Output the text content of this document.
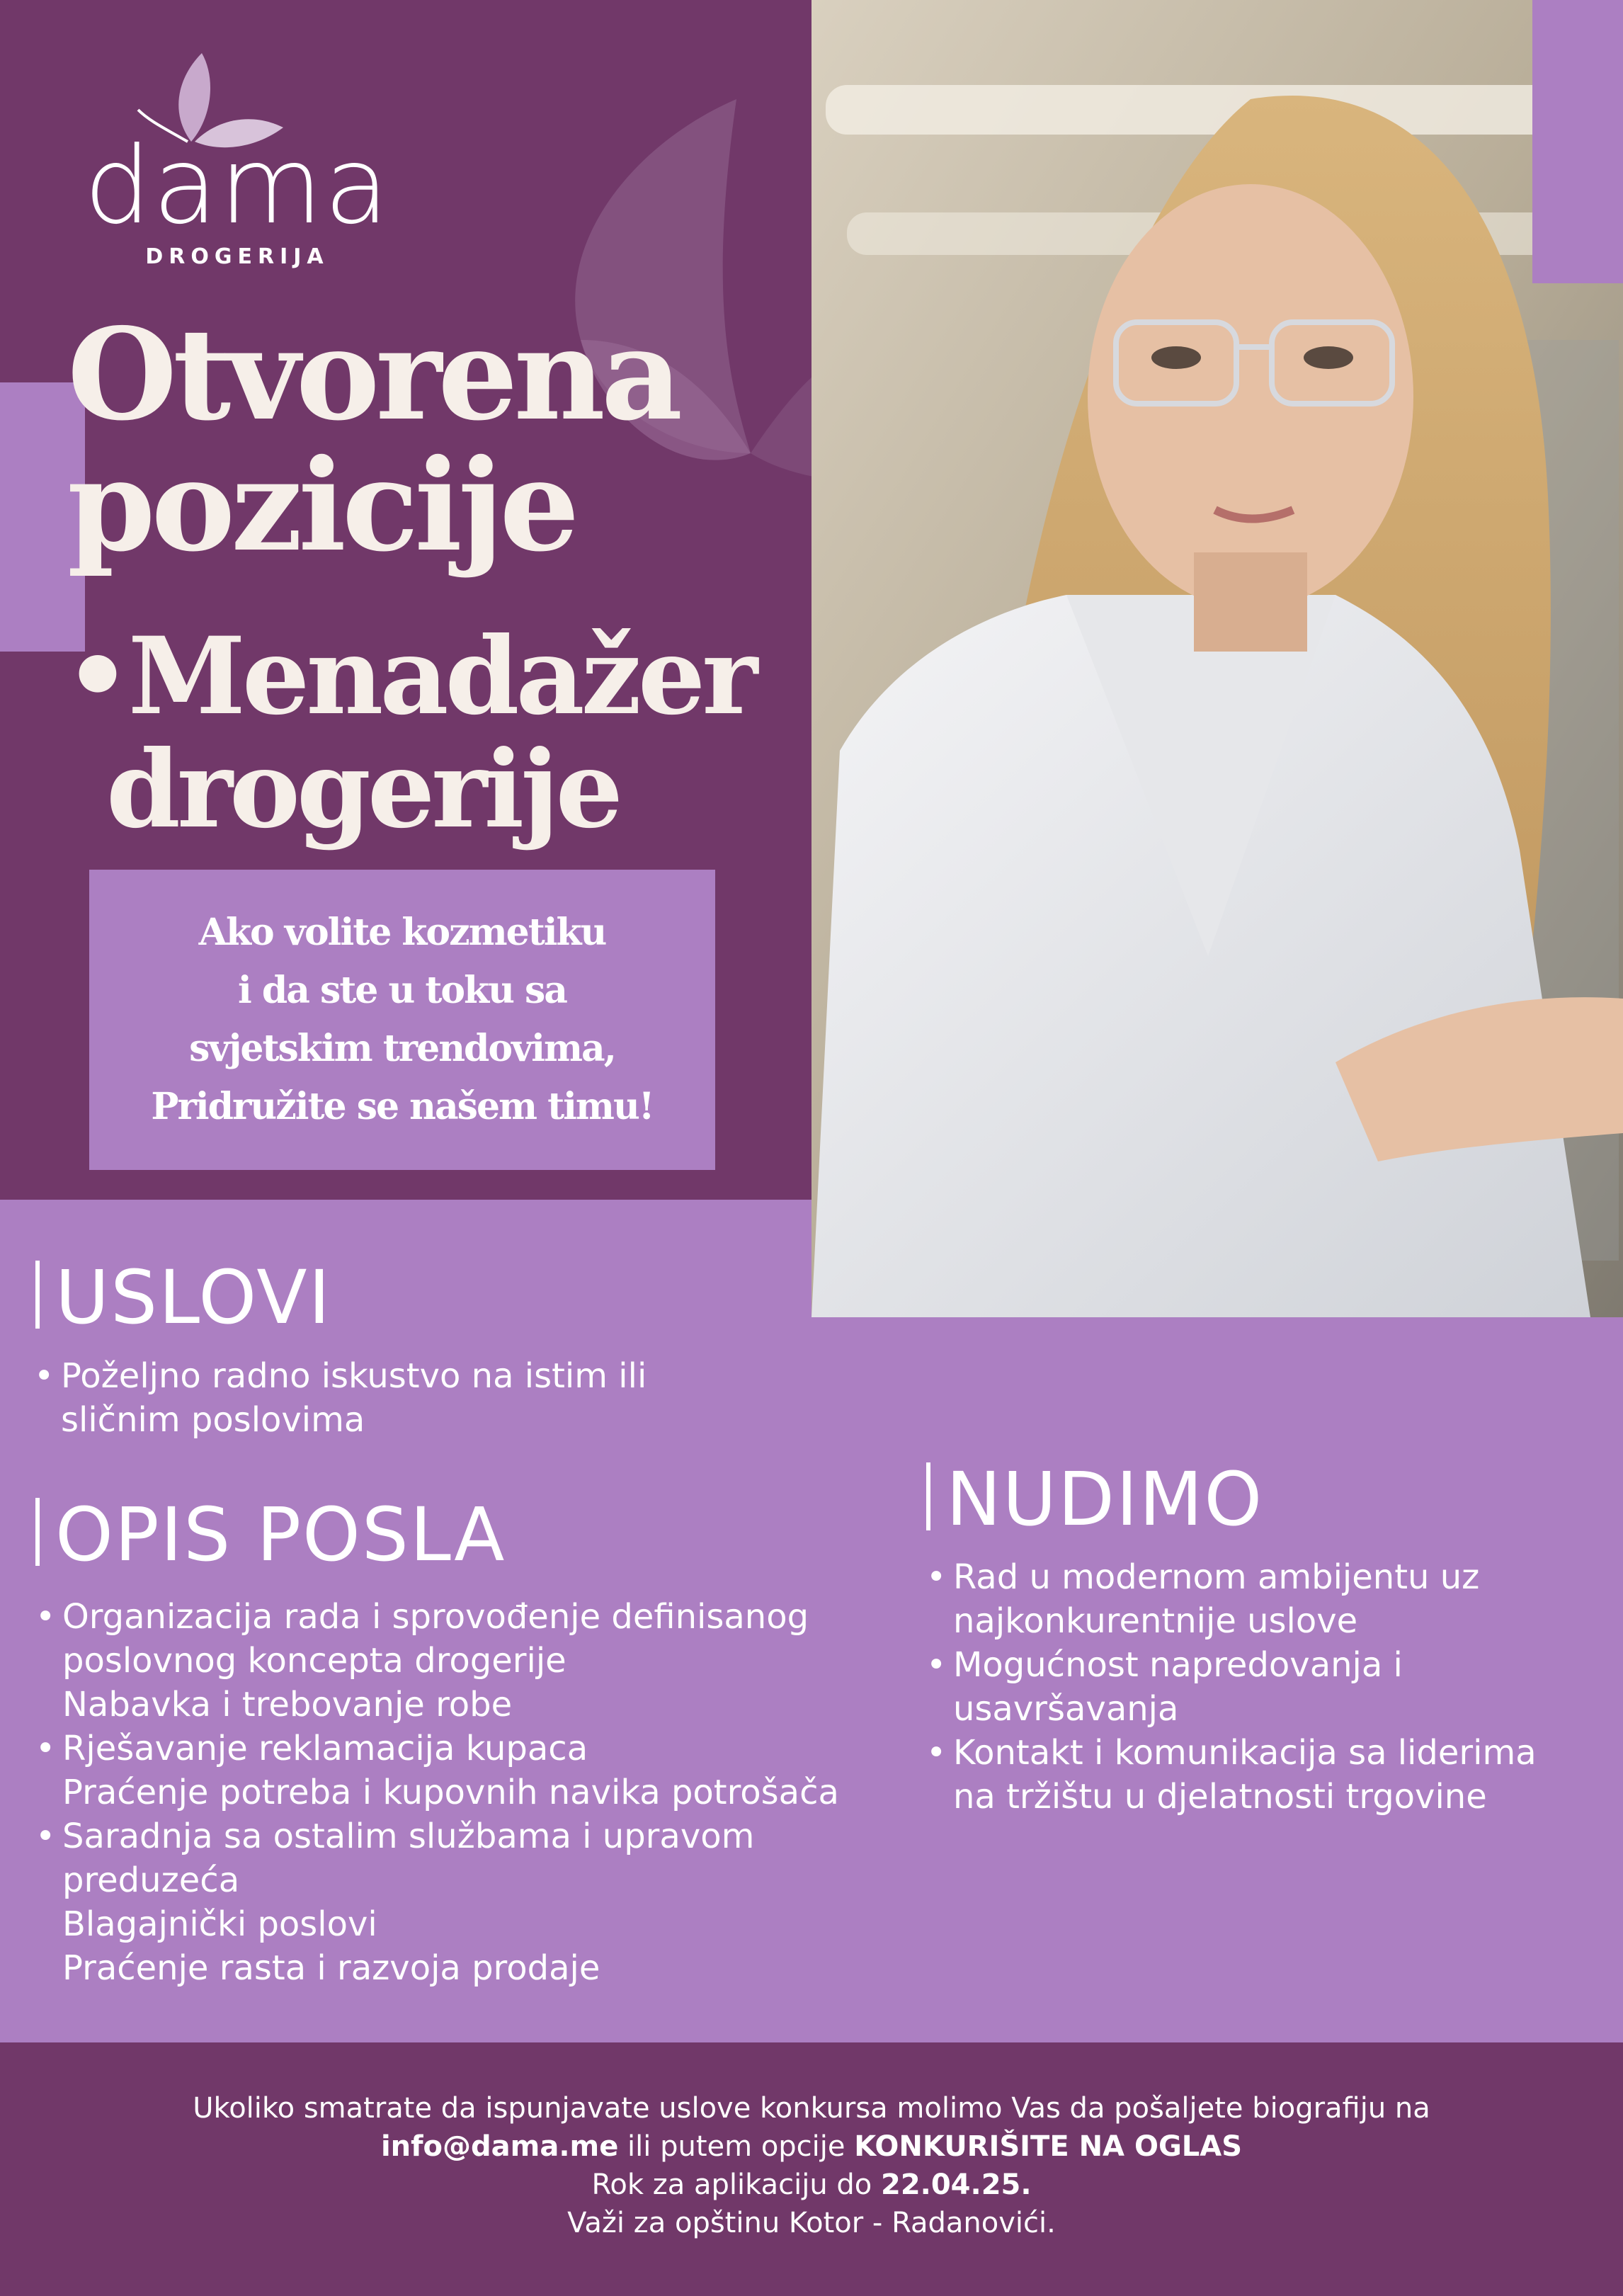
dama
DROGERIJA
Otvorena
pozicije
•Menadažer
drogerije
Ako volite kozmetiku
i da ste u toku sa
svjetskim trendovima,
Pridružite se našem timu!
USLOVI
• Poželjno radno iskustvo na istim ili
sličnim poslovima
OPIS POSLA
• Organizacija rada i sprovođenje definisanog
poslovnog koncepta drogerije
Nabavka i trebovanje robe
• Rješavanje reklamacija kupaca
Praćenje potreba i kupovnih navika potrošača
• Saradnja sa ostalim službama i upravom
preduzeća
Blagajnički poslovi
Praćenje rasta i razvoja prodaje
NUDIMO
• Rad u modernom ambijentu uz
najkonkurentnije uslove
• Mogućnost napredovanja i
usavršavanja
• Kontakt i komunikacija sa liderima
na tržištu u djelatnosti trgovine
Ukoliko smatrate da ispunjavate uslove konkursa molimo Vas da pošaljete biografiju na
info@dama.me ili putem opcije KONKURIŠITE NA OGLAS
Rok za aplikaciju do 22.04.25.
Važi za opštinu Kotor - Radanovići.
